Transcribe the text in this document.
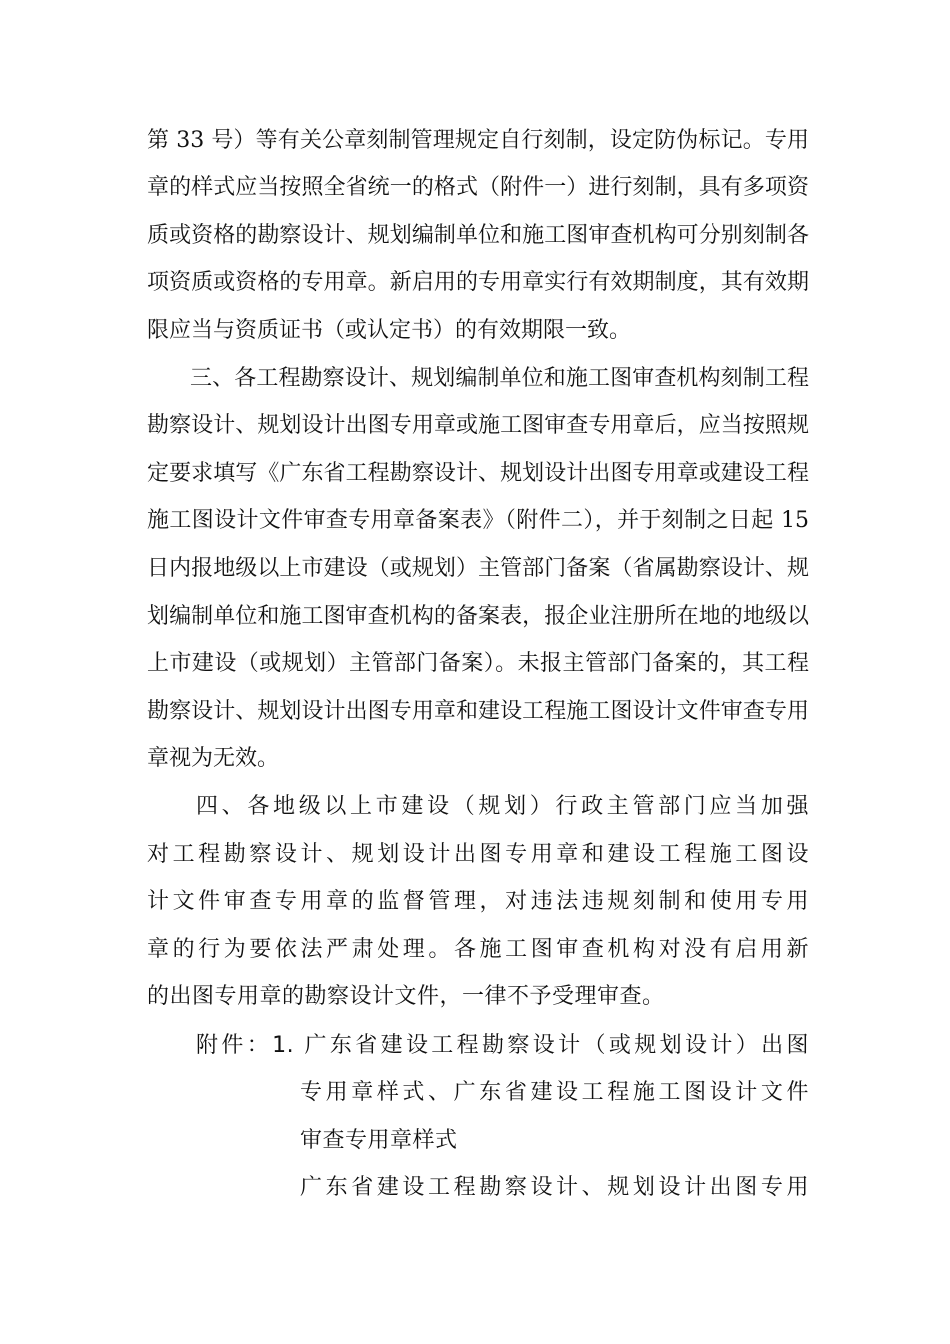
第 33 号）等有关公章刻制管理规定自行刻制，设定防伪标记。专用
章的样式应当按照全省统一的格式（附件一）进行刻制，具有多项资
质或资格的勘察设计、规划编制单位和施工图审查机构可分别刻制各
项资质或资格的专用章。新启用的专用章实行有效期制度，其有效期
限应当与资质证书（或认定书）的有效期限一致。
三、各工程勘察设计、规划编制单位和施工图审查机构刻制工程
勘察设计、规划设计出图专用章或施工图审查专用章后，应当按照规
定要求填写《广东省工程勘察设计、规划设计出图专用章或建设工程
施工图设计文件审查专用章备案表》（附件二），并于刻制之日起 15
日内报地级以上市建设（或规划）主管部门备案（省属勘察设计、规
划编制单位和施工图审查机构的备案表，报企业注册所在地的地级以
上市建设（或规划）主管部门备案）。未报主管部门备案的，其工程
勘察设计、规划设计出图专用章和建设工程施工图设计文件审查专用
章视为无效。
四、各地级以上市建设（规划）行政主管部门应当加强
对工程勘察设计、规划设计出图专用章和建设工程施工图设
计文件审查专用章的监督管理，对违法违规刻制和使用专用
章的行为要依法严肃处理。各施工图审查机构对没有启用新
的出图专用章的勘察设计文件，一律不予受理审查。
附件：1. 广东省建设工程勘察设计（或规划设计）出图
专用章样式、广东省建设工程施工图设计文件
审查专用章样式
广东省建设工程勘察设计、规划设计出图专用
